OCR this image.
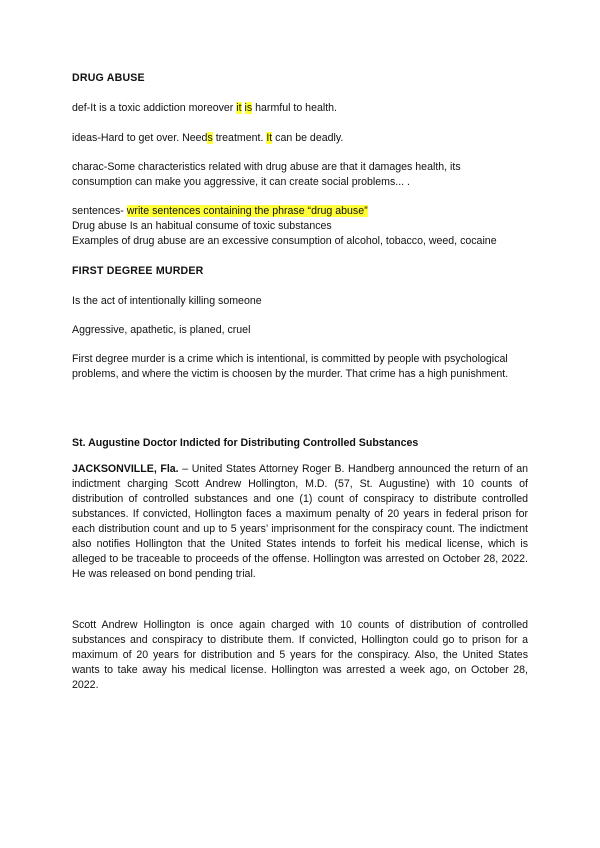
DRUG ABUSE

def-It is a toxic addiction moreover it is harmful to health.

ideas-Hard to get over. Needs treatment. It can be deadly.

charac-Some characteristics related with drug abuse are that it damages health, its consumption can make you aggressive, it can create social problems... .

sentences- write sentences containing the phrase “drug abuse”

Drug abuse Is an habitual consume of toxic substances

Examples of drug abuse are an excessive consumption of alcohol, tobacco, weed, cocaine

FIRST DEGREE MURDER

Is the act of intentionally killing someone

Aggressive, apathetic, is planed, cruel

First degree murder is a crime which is intentional, is committed by people with psychological problems, and where the victim is choosen by the murder. That crime has a high punishment.

St. Augustine Doctor Indicted for Distributing Controlled Substances

JACKSONVILLE, Fla. – United States Attorney Roger B. Handberg announced the return of an indictment charging Scott Andrew Hollington, M.D. (57, St. Augustine) with 10 counts of distribution of controlled substances and one (1) count of conspiracy to distribute controlled substances. If convicted, Hollington faces a maximum penalty of 20 years in federal prison for each distribution count and up to 5 years’ imprisonment for the conspiracy count. The indictment also notifies Hollington that the United States intends to forfeit his medical license, which is alleged to be traceable to proceeds of the offense. Hollington was arrested on October 28, 2022. He was released on bond pending trial.

Scott Andrew Hollington is once again charged with 10 counts of distribution of controlled substances and conspiracy to distribute them. If convicted, Hollington could go to prison for a maximum of 20 years for distribution and 5 years for the conspiracy. Also, the United States wants to take away his medical license. Hollington was arrested a week ago, on October 28, 2022.
